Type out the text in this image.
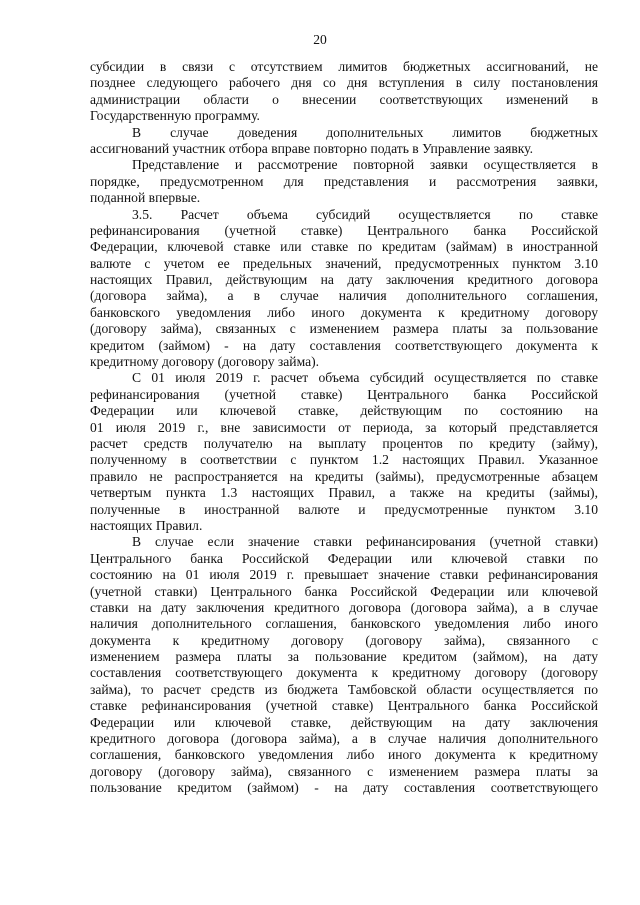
20
субсидии в связи с отсутствием лимитов бюджетных ассигнований, не
позднее следующего рабочего дня со дня вступления в силу постановления
администрации области о внесении соответствующих изменений в
Государственную программу.
В случае доведения дополнительных лимитов бюджетных
ассигнований участник отбора вправе повторно подать в Управление заявку.
Представление и рассмотрение повторной заявки осуществляется в
порядке, предусмотренном для представления и рассмотрения заявки,
поданной впервые.
3.5. Расчет объема субсидий осуществляется по ставке
рефинансирования (учетной ставке) Центрального банка Российской
Федерации, ключевой ставке или ставке по кредитам (займам) в иностранной
валюте с учетом ее предельных значений, предусмотренных пунктом 3.10
настоящих Правил, действующим на дату заключения кредитного договора
(договора займа), а в случае наличия дополнительного соглашения,
банковского уведомления либо иного документа к кредитному договору
(договору займа), связанных с изменением размера платы за пользование
кредитом (займом) - на дату составления соответствующего документа к
кредитному договору (договору займа).
С 01 июля 2019 г. расчет объема субсидий осуществляется по ставке
рефинансирования (учетной ставке) Центрального банка Российской
Федерации или ключевой ставке, действующим по состоянию на
01 июля 2019 г., вне зависимости от периода, за который представляется
расчет средств получателю на выплату процентов по кредиту (займу),
полученному в соответствии с пунктом 1.2 настоящих Правил. Указанное
правило не распространяется на кредиты (займы), предусмотренные абзацем
четвертым пункта 1.3 настоящих Правил, а также на кредиты (займы),
полученные в иностранной валюте и предусмотренные пунктом 3.10
настоящих Правил.
В случае если значение ставки рефинансирования (учетной ставки)
Центрального банка Российской Федерации или ключевой ставки по
состоянию на 01 июля 2019 г. превышает значение ставки рефинансирования
(учетной ставки) Центрального банка Российской Федерации или ключевой
ставки на дату заключения кредитного договора (договора займа), а в случае
наличия дополнительного соглашения, банковского уведомления либо иного
документа к кредитному договору (договору займа), связанного с
изменением размера платы за пользование кредитом (займом), на дату
составления соответствующего документа к кредитному договору (договору
займа), то расчет средств из бюджета Тамбовской области осуществляется по
ставке рефинансирования (учетной ставке) Центрального банка Российской
Федерации или ключевой ставке, действующим на дату заключения
кредитного договора (договора займа), а в случае наличия дополнительного
соглашения, банковского уведомления либо иного документа к кредитному
договору (договору займа), связанного с изменением размера платы за
пользование кредитом (займом) - на дату составления соответствующего
